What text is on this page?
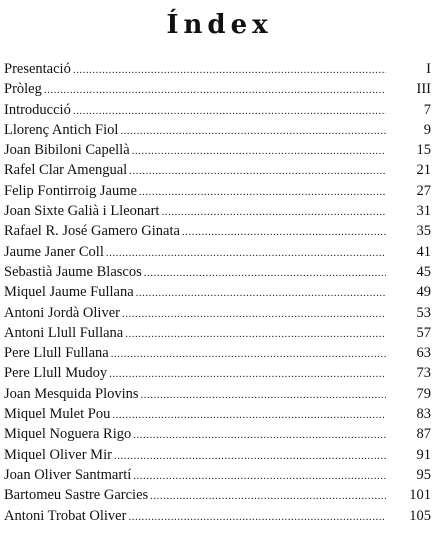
Índex
Presentació .....	I
Pròleg .....	III
Introducció .....	7
Llorenç Antich Fiol .....	9
Joan Bibiloni Capellà .....	15
Rafel Clar Amengual .....	21
Felip Fontirroig Jaume .....	27
Joan Sixte Galià i Lleonart .....	31
Rafael R. José Gamero Ginata .....	35
Jaume Janer Coll .....	41
Sebastià Jaume Blascos .....	45
Miquel Jaume Fullana .....	49
Antoni Jordà Oliver .....	53
Antoni Llull Fullana .....	57
Pere Llull Fullana .....	63
Pere Llull Mudoy .....	73
Joan Mesquida Plovins .....	79
Miquel Mulet Pou .....	83
Miquel Noguera Rigo .....	87
Miquel Oliver Mir .....	91
Joan Oliver Santmartí .....	95
Bartomeu Sastre Garcies .....	101
Antoni Trobat Oliver .....	105
